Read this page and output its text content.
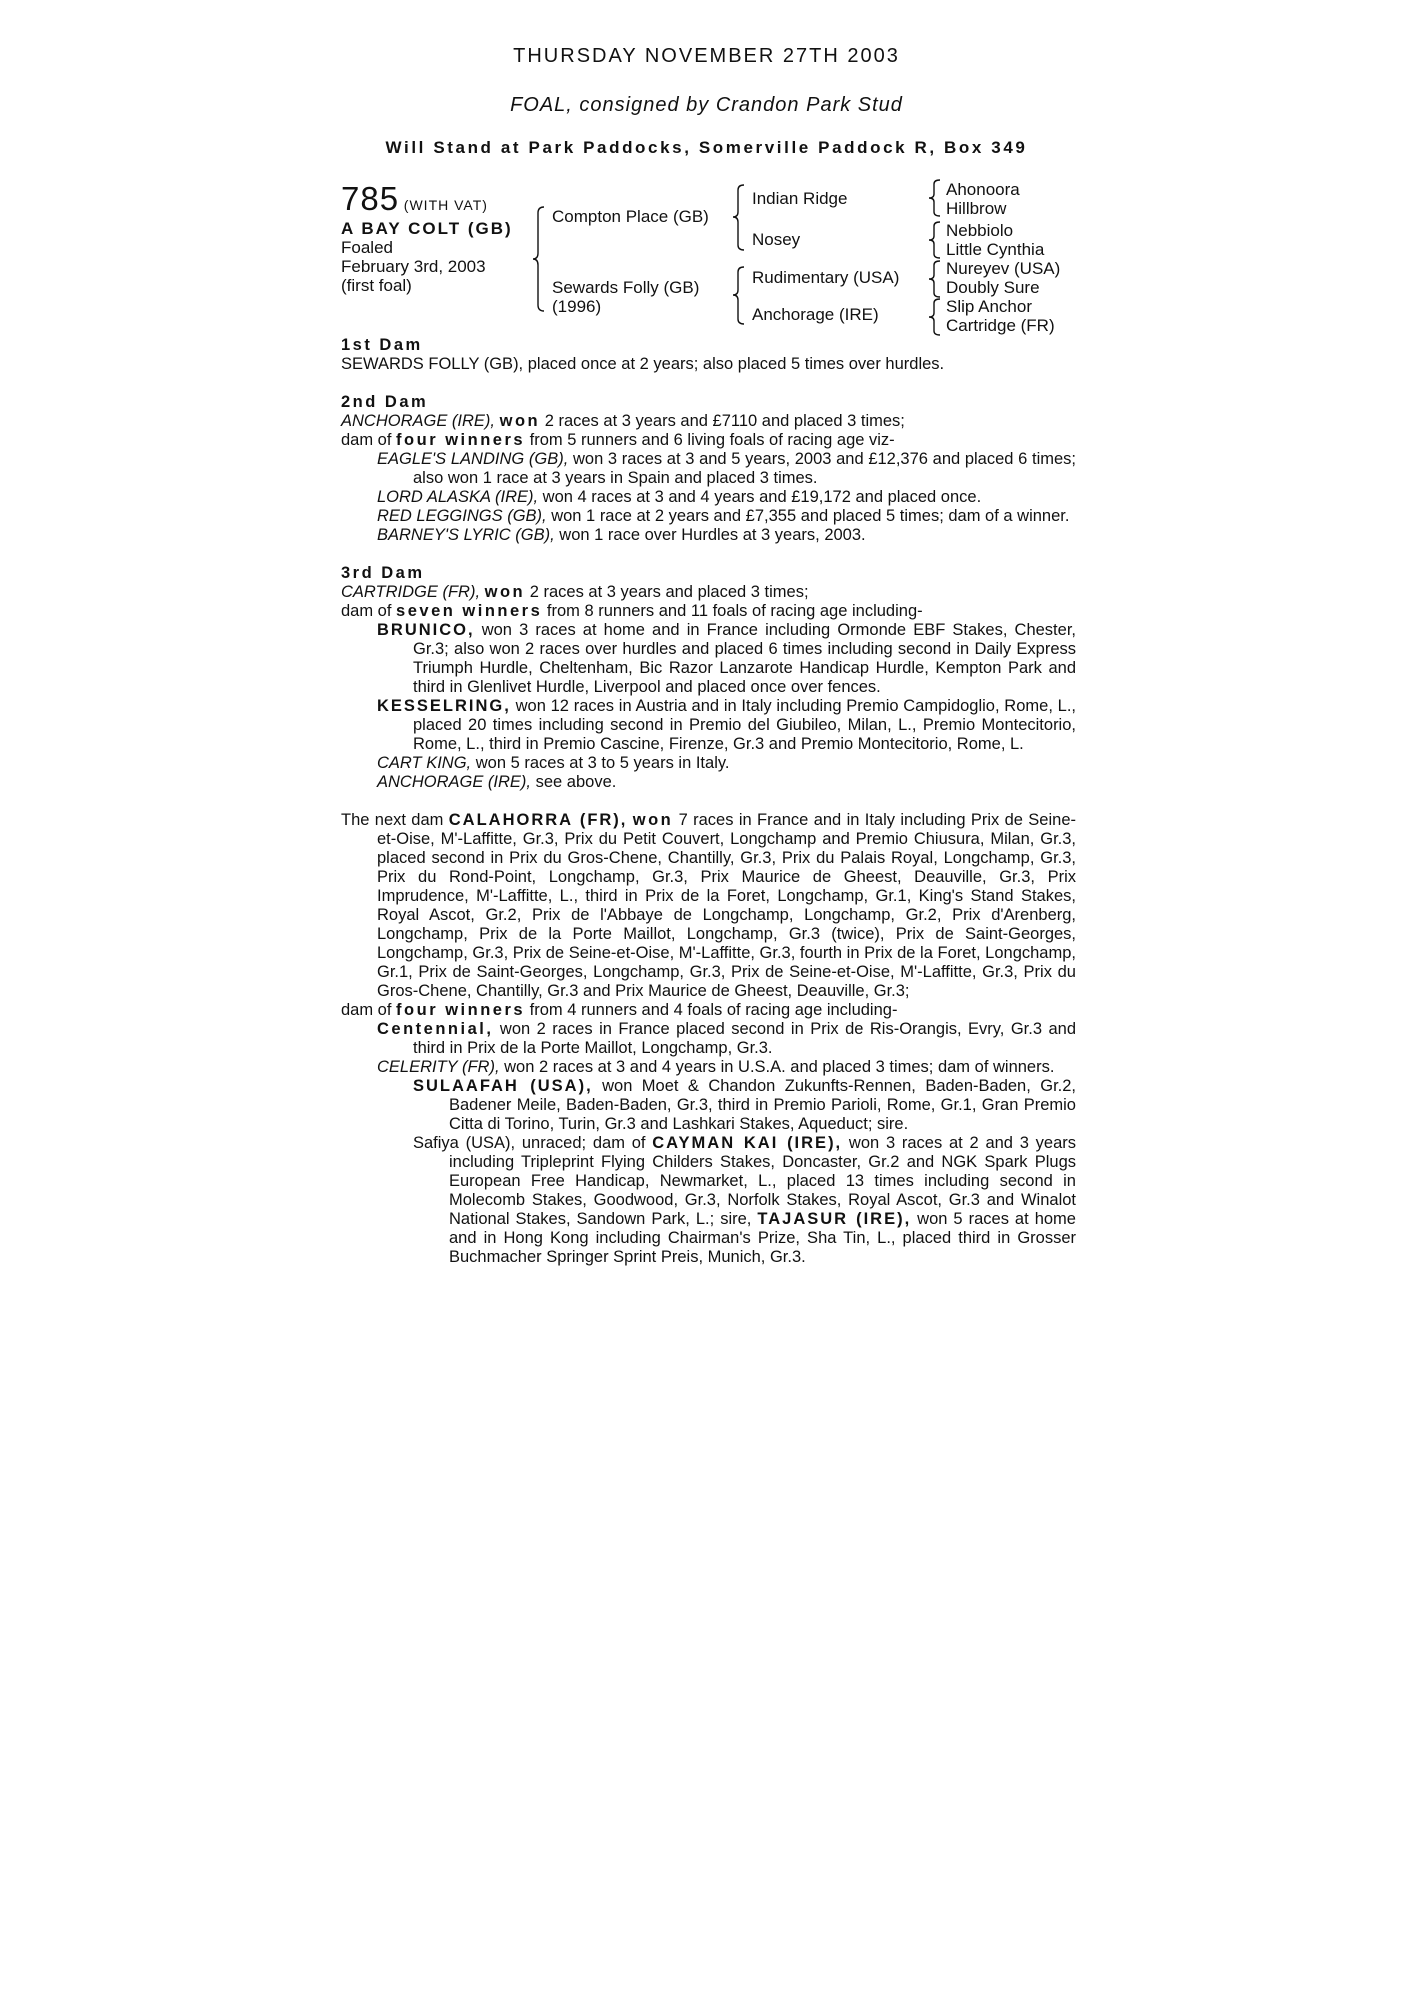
THURSDAY NOVEMBER 27TH 2003
FOAL, consigned by Crandon Park Stud
Will Stand at Park Paddocks, Somerville Paddock R, Box 349
785 (WITH VAT)
A BAY COLT (GB)
Foaled
February 3rd, 2003
(first foal)
Compton Place (GB)
Sewards Folly (GB)
(1996)
Indian Ridge
Nosey
Rudimentary (USA)
Anchorage (IRE)
Ahonoora
Hillbrow
Nebbiolo
Little Cynthia
Nureyev (USA)
Doubly Sure
Slip Anchor
Cartridge (FR)
1st Dam

SEWARDS FOLLY (GB), placed once at 2 years; also placed 5 times over hurdles.

2nd Dam

ANCHORAGE (IRE), won 2 races at 3 years and £7110 and placed 3 times;

dam of four winners from 5 runners and 6 living foals of racing age viz-

EAGLE'S LANDING (GB), won 3 races at 3 and 5 years, 2003 and £12,376 and placed 6 times; also won 1 race at 3 years in Spain and placed 3 times.

LORD ALASKA (IRE), won 4 races at 3 and 4 years and £19,172 and placed once.

RED LEGGINGS (GB), won 1 race at 2 years and £7,355 and placed 5 times; dam of a winner.

BARNEY'S LYRIC (GB), won 1 race over Hurdles at 3 years, 2003.

3rd Dam

CARTRIDGE (FR), won 2 races at 3 years and placed 3 times;

dam of seven winners from 8 runners and 11 foals of racing age including-

BRUNICO, won 3 races at home and in France including Ormonde EBF Stakes, Chester, Gr.3; also won 2 races over hurdles and placed 6 times including second in Daily Express Triumph Hurdle, Cheltenham, Bic Razor Lanzarote Handicap Hurdle, Kempton Park and third in Glenlivet Hurdle, Liverpool and placed once over fences.

KESSELRING, won 12 races in Austria and in Italy including Premio Campidoglio, Rome, L., placed 20 times including second in Premio del Giubileo, Milan, L., Premio Montecitorio, Rome, L., third in Premio Cascine, Firenze, Gr.3 and Premio Montecitorio, Rome, L.

CART KING, won 5 races at 3 to 5 years in Italy.

ANCHORAGE (IRE), see above.

The next dam CALAHORRA (FR), won 7 races in France and in Italy including Prix de Seine-et-Oise, M'-Laffitte, Gr.3, Prix du Petit Couvert, Longchamp and Premio Chiusura, Milan, Gr.3, placed second in Prix du Gros-Chene, Chantilly, Gr.3, Prix du Palais Royal, Longchamp, Gr.3, Prix du Rond-Point, Longchamp, Gr.3, Prix Maurice de Gheest, Deauville, Gr.3, Prix Imprudence, M'-Laffitte, L., third in Prix de la Foret, Longchamp, Gr.1, King's Stand Stakes, Royal Ascot, Gr.2, Prix de l'Abbaye de Longchamp, Longchamp, Gr.2, Prix d'Arenberg, Longchamp, Prix de la Porte Maillot, Longchamp, Gr.3 (twice), Prix de Saint-Georges, Longchamp, Gr.3, Prix de Seine-et-Oise, M'-Laffitte, Gr.3, fourth in Prix de la Foret, Longchamp, Gr.1, Prix de Saint-Georges, Longchamp, Gr.3, Prix de Seine-et-Oise, M'-Laffitte, Gr.3, Prix du Gros-Chene, Chantilly, Gr.3 and Prix Maurice de Gheest, Deauville, Gr.3;

dam of four winners from 4 runners and 4 foals of racing age including-

Centennial, won 2 races in France placed second in Prix de Ris-Orangis, Evry, Gr.3 and third in Prix de la Porte Maillot, Longchamp, Gr.3.

CELERITY (FR), won 2 races at 3 and 4 years in U.S.A. and placed 3 times; dam of winners.

SULAAFAH (USA), won Moet & Chandon Zukunfts-Rennen, Baden-Baden, Gr.2, Badener Meile, Baden-Baden, Gr.3, third in Premio Parioli, Rome, Gr.1, Gran Premio Citta di Torino, Turin, Gr.3 and Lashkari Stakes, Aqueduct; sire.

Safiya (USA), unraced; dam of CAYMAN KAI (IRE), won 3 races at 2 and 3 years including Tripleprint Flying Childers Stakes, Doncaster, Gr.2 and NGK Spark Plugs European Free Handicap, Newmarket, L., placed 13 times including second in Molecomb Stakes, Goodwood, Gr.3, Norfolk Stakes, Royal Ascot, Gr.3 and Winalot National Stakes, Sandown Park, L.; sire, TAJASUR (IRE), won 5 races at home and in Hong Kong including Chairman's Prize, Sha Tin, L., placed third in Grosser Buchmacher Springer Sprint Preis, Munich, Gr.3.
